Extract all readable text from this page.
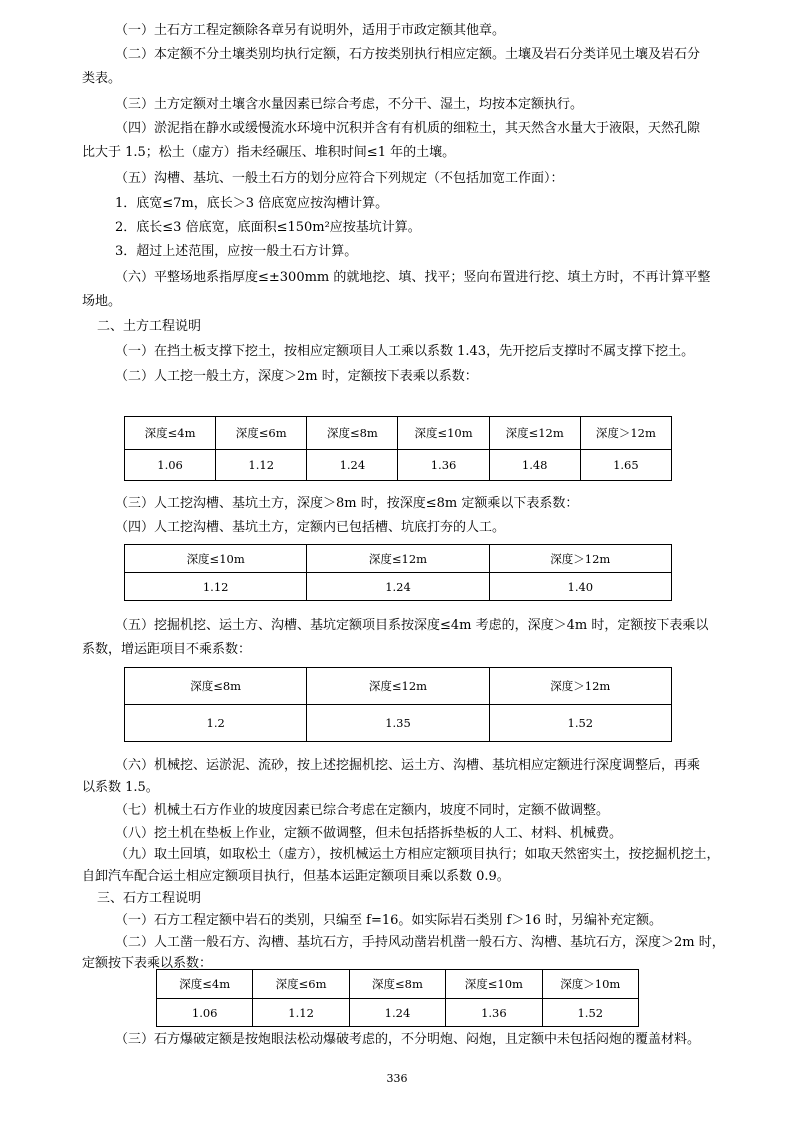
（一）土石方工程定额除各章另有说明外，适用于市政定额其他章。
（二）本定额不分土壤类别均执行定额，石方按类别执行相应定额。土壤及岩石分类详见土壤及岩石分
类表。
（三）土方定额对土壤含水量因素已综合考虑，不分干、湿土，均按本定额执行。
（四）淤泥指在静水或缓慢流水环境中沉积并含有有机质的细粒土，其天然含水量大于液限，天然孔隙
比大于 1.5；松土（虚方）指未经碾压、堆积时间≤1 年的土壤。
（五）沟槽、基坑、一般土石方的划分应符合下列规定（不包括加宽工作面）：
1．底宽≤7m，底长＞3 倍底宽应按沟槽计算。
2．底长≤3 倍底宽，底面积≤150m²应按基坑计算。
3．超过上述范围，应按一般土石方计算。
（六）平整场地系指厚度≤±300mm 的就地挖、填、找平；竖向布置进行挖、填土方时，不再计算平整
场地。
二、土方工程说明
（一）在挡土板支撑下挖土，按相应定额项目人工乘以系数 1.43，先开挖后支撑时不属支撑下挖土。
（二）人工挖一般土方，深度＞2m 时，定额按下表乘以系数：
深度≤4m	深度≤6m	深度≤8m	深度≤10m	深度≤12m	深度＞12m
1.06	1.12	1.24	1.36	1.48	1.65
（三）人工挖沟槽、基坑土方，深度＞8m 时，按深度≤8m 定额乘以下表系数：
（四）人工挖沟槽、基坑土方，定额内已包括槽、坑底打夯的人工。
深度≤10m	深度≤12m	深度＞12m
1.12	1.24	1.40
（五）挖掘机挖、运土方、沟槽、基坑定额项目系按深度≤4m 考虑的，深度＞4m 时，定额按下表乘以
系数，增运距项目不乘系数：
深度≤8m	深度≤12m	深度＞12m
1.2	1.35	1.52
（六）机械挖、运淤泥、流砂，按上述挖掘机挖、运土方、沟槽、基坑相应定额进行深度调整后，再乘
以系数 1.5。
（七）机械土石方作业的坡度因素已综合考虑在定额内，坡度不同时，定额不做调整。
（八）挖土机在垫板上作业，定额不做调整，但未包括搭拆垫板的人工、材料、机械费。
（九）取土回填，如取松土（虚方），按机械运土方相应定额项目执行；如取天然密实土，按挖掘机挖土，
自卸汽车配合运土相应定额项目执行，但基本运距定额项目乘以系数 0.9。
三、石方工程说明
（一）石方工程定额中岩石的类别，只编至 f=16。如实际岩石类别 f＞16 时，另编补充定额。
（二）人工凿一般石方、沟槽、基坑石方，手持风动凿岩机凿一般石方、沟槽、基坑石方，深度＞2m 时，
定额按下表乘以系数：
深度≤4m	深度≤6m	深度≤8m	深度≤10m	深度＞10m
1.06	1.12	1.24	1.36	1.52
（三）石方爆破定额是按炮眼法松动爆破考虑的，不分明炮、闷炮，且定额中未包括闷炮的覆盖材料。
336
